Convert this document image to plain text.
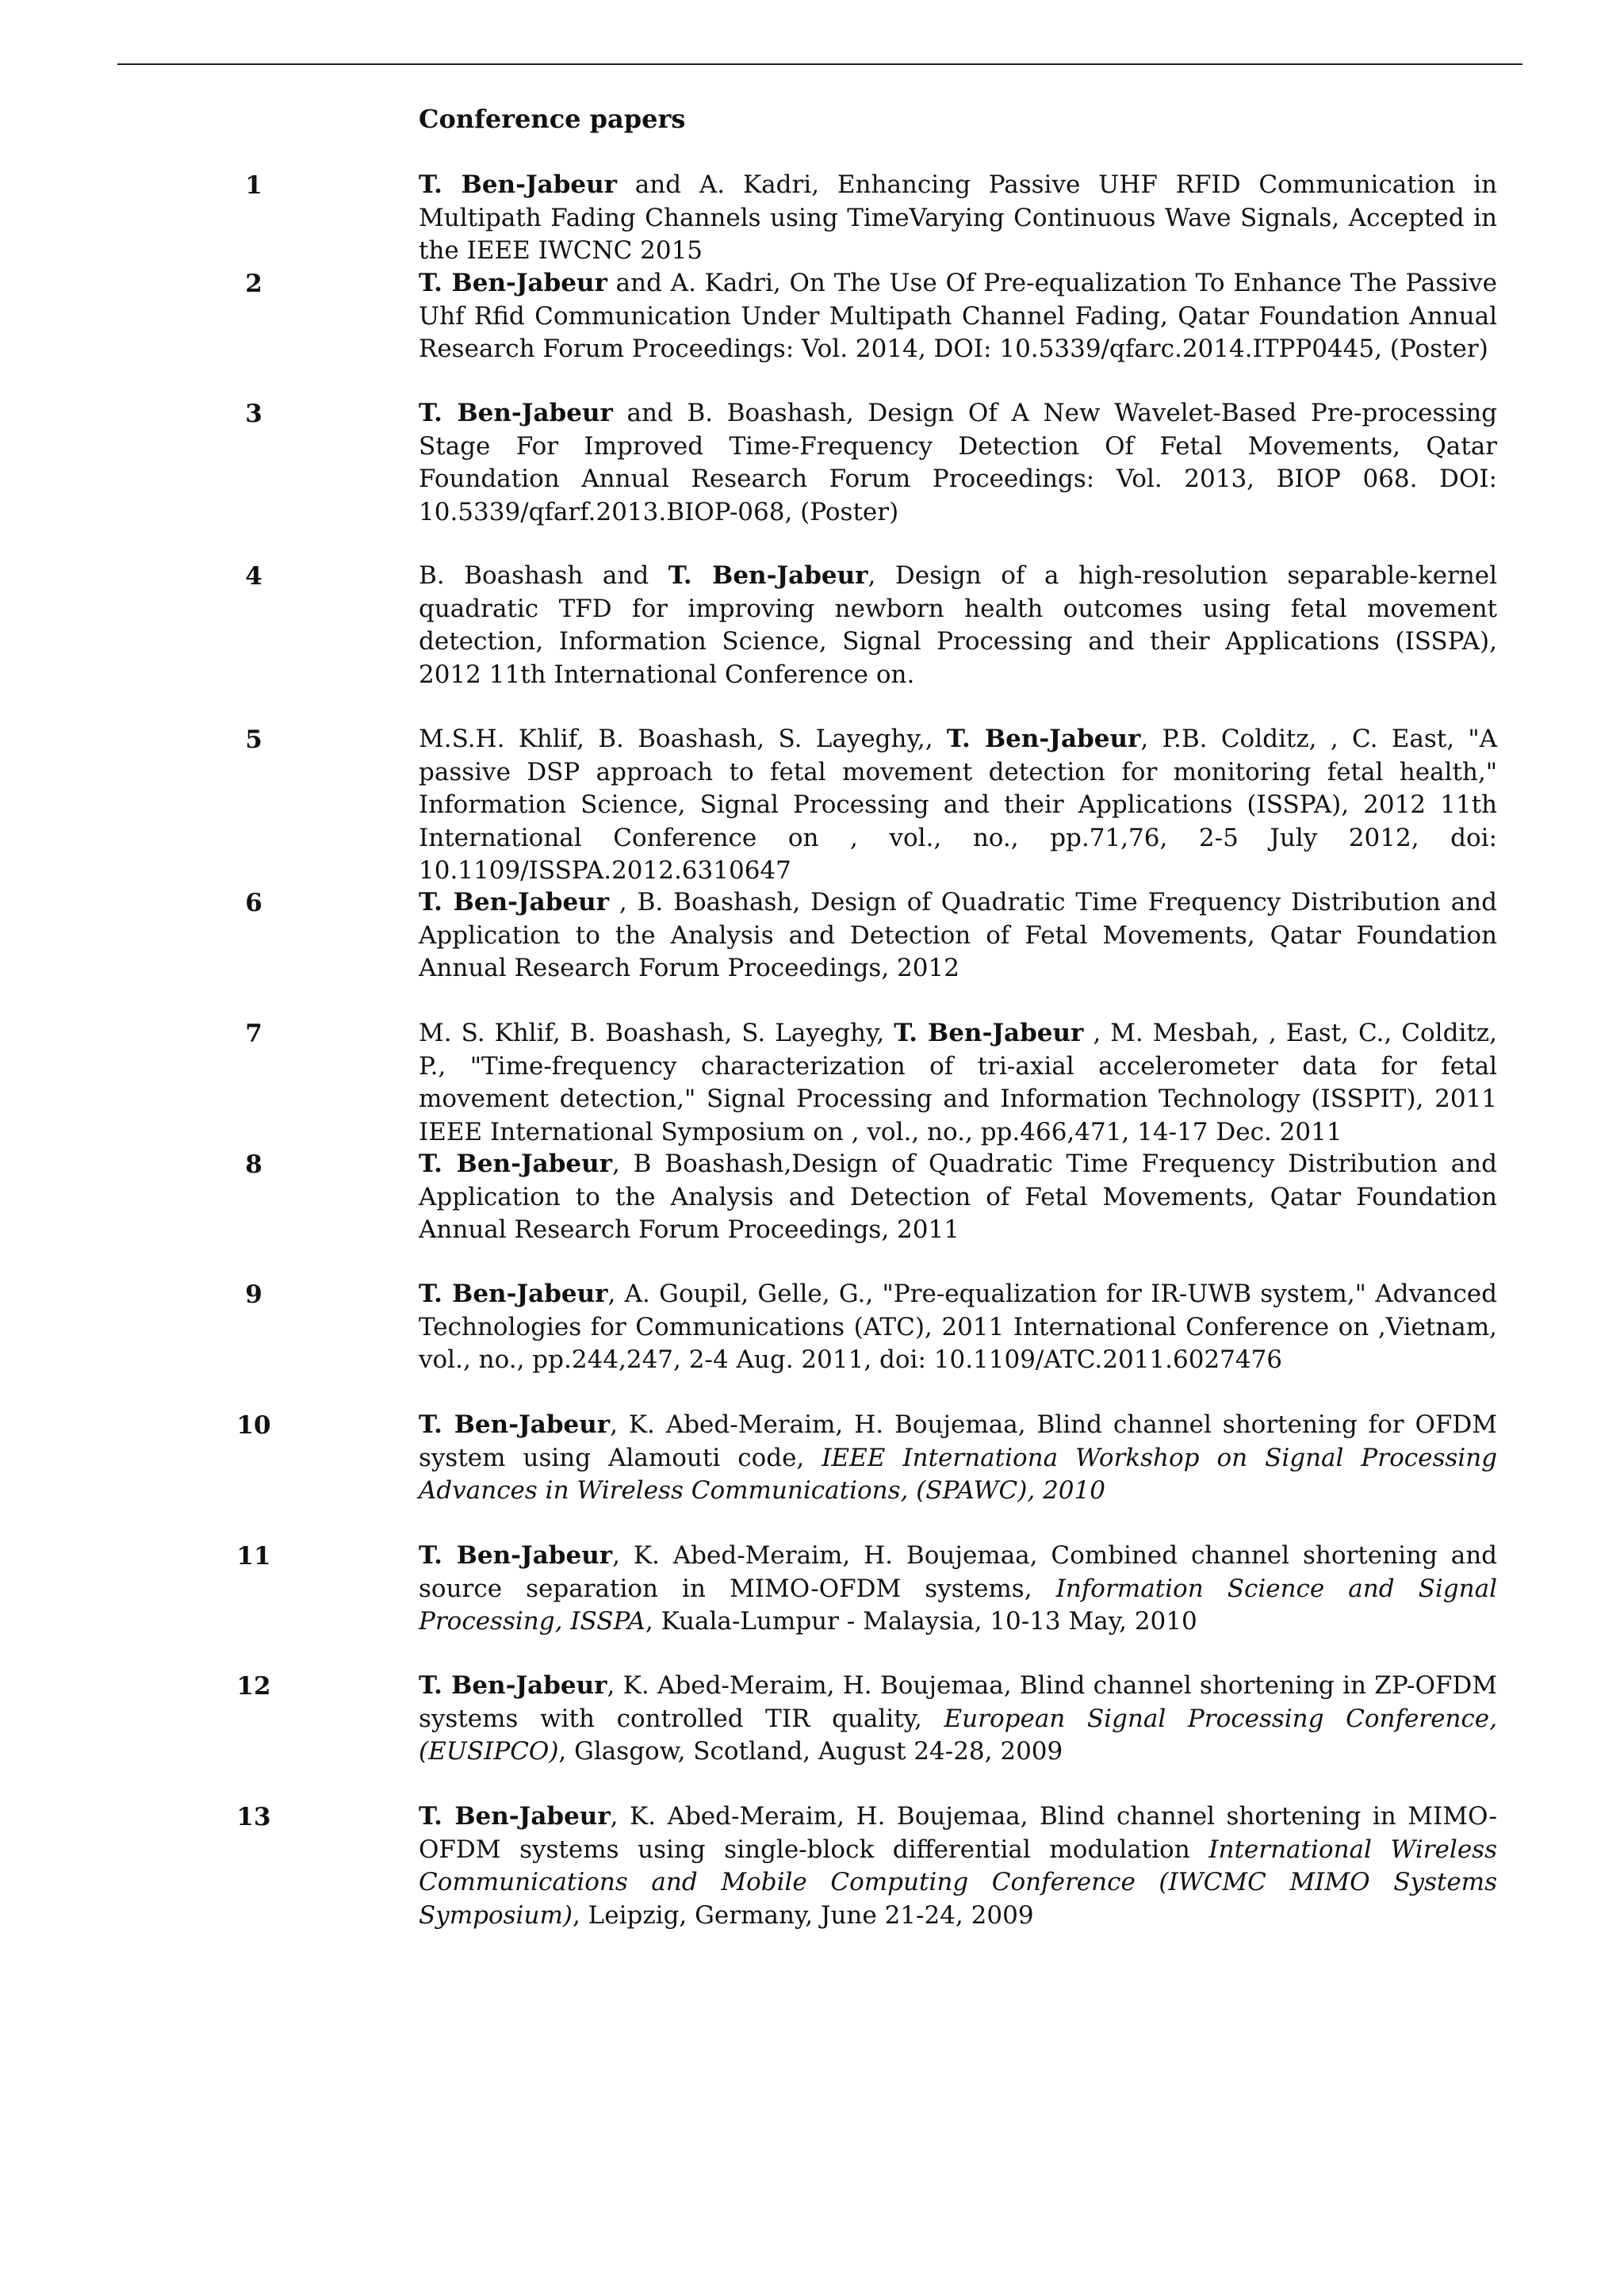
Conference papers
1	T. Ben-Jabeur and A. Kadri, Enhancing Passive UHF RFID Communication in Multipath Fading Channels using TimeVarying Continuous Wave Signals, Accepted in the IEEE IWCNC 2015
2	T. Ben-Jabeur and A. Kadri, On The Use Of Pre-equalization To Enhance The Passive Uhf Rfid Communication Under Multipath Channel Fading, Qatar Foundation Annual Research Forum Proceedings: Vol. 2014, DOI: 10.5339/qfarc.2014.ITPP0445, (Poster)
3	T. Ben-Jabeur and B. Boashash, Design Of A New Wavelet-Based Pre-processing Stage For Improved Time-Frequency Detection Of Fetal Movements, Qatar Foundation Annual Research Forum Proceedings: Vol. 2013, BIOP 068. DOI: 10.5339/qfarf.2013.BIOP-068, (Poster)
4	B. Boashash and T. Ben-Jabeur, Design of a high-resolution separable-kernel quadratic TFD for improving newborn health outcomes using fetal movement detection, Information Science, Signal Processing and their Applications (ISSPA), 2012 11th International Conference on.
5	M.S.H. Khlif, B. Boashash, S. Layeghy,, T. Ben-Jabeur, P.B. Colditz, , C. East, "A passive DSP approach to fetal movement detection for monitoring fetal health," Information Science, Signal Processing and their Applications (ISSPA), 2012 11th International Conference on , vol., no., pp.71,76, 2-5 July 2012, doi: 10.1109/ISSPA.2012.6310647
6	T. Ben-Jabeur , B. Boashash, Design of Quadratic Time Frequency Distribution and Application to the Analysis and Detection of Fetal Movements, Qatar Foundation Annual Research Forum Proceedings, 2012
7	M. S. Khlif, B. Boashash, S. Layeghy, T. Ben-Jabeur , M. Mesbah, , East, C., Colditz, P., "Time-frequency characterization of tri-axial accelerometer data for fetal movement detection," Signal Processing and Information Technology (ISSPIT), 2011 IEEE International Symposium on , vol., no., pp.466,471, 14-17 Dec. 2011
8	T. Ben-Jabeur, B Boashash,Design of Quadratic Time Frequency Distribution and Application to the Analysis and Detection of Fetal Movements, Qatar Foundation Annual Research Forum Proceedings, 2011
9	T. Ben-Jabeur, A. Goupil, Gelle, G., "Pre-equalization for IR-UWB system," Advanced Technologies for Communications (ATC), 2011 International Conference on ,Vietnam, vol., no., pp.244,247, 2-4 Aug. 2011, doi: 10.1109/ATC.2011.6027476
10	T. Ben-Jabeur, K. Abed-Meraim, H. Boujemaa, Blind channel shortening for OFDM system using Alamouti code, IEEE Internationa Workshop on Signal Processing Advances in Wireless Communications, (SPAWC), 2010
11	T. Ben-Jabeur, K. Abed-Meraim, H. Boujemaa, Combined channel shortening and source separation in MIMO-OFDM systems, Information Science and Signal Processing, ISSPA, Kuala-Lumpur - Malaysia, 10-13 May, 2010
12	T. Ben-Jabeur, K. Abed-Meraim, H. Boujemaa, Blind channel shortening in ZP-OFDM systems with controlled TIR quality, European Signal Processing Conference, (EUSIPCO), Glasgow, Scotland, August 24-28, 2009
13	T. Ben-Jabeur, K. Abed-Meraim, H. Boujemaa, Blind channel shortening in MIMO-OFDM systems using single-block differential modulation International Wireless Communications and Mobile Computing Conference (IWCMC MIMO Systems Symposium), Leipzig, Germany, June 21-24, 2009
